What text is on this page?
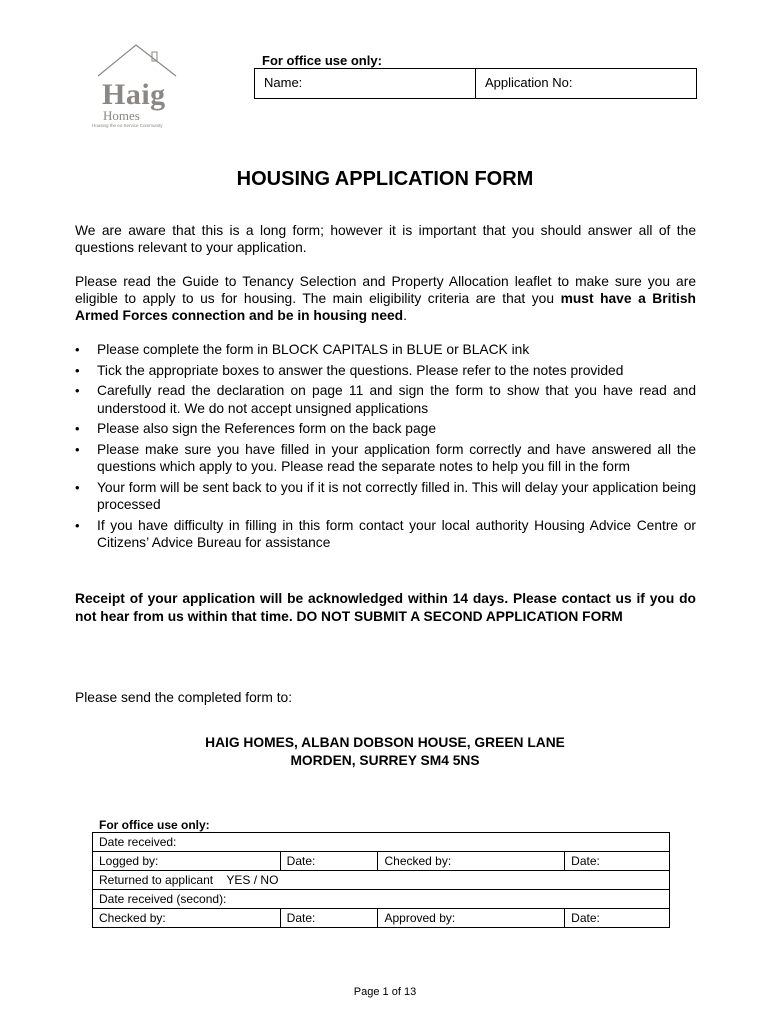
Haig
Homes
Housing the ex-Service Community
For office use only:
Name:	Application No:
HOUSING APPLICATION FORM
We are aware that this is a long form; however it is important that you should answer all of the questions relevant to your application.
Please read the Guide to Tenancy Selection and Property Allocation leaflet to make sure you are eligible to apply to us for housing. The main eligibility criteria are that you must have a British Armed Forces connection and be in housing need.
• Please complete the form in BLOCK CAPITALS in BLUE or BLACK ink
• Tick the appropriate boxes to answer the questions. Please refer to the notes provided
• Carefully read the declaration on page 11 and sign the form to show that you have read and understood it. We do not accept unsigned applications
• Please also sign the References form on the back page
• Please make sure you have filled in your application form correctly and have answered all the questions which apply to you. Please read the separate notes to help you fill in the form
• Your form will be sent back to you if it is not correctly filled in. This will delay your application being processed
• If you have difficulty in filling in this form contact your local authority Housing Advice Centre or Citizens’ Advice Bureau for assistance
Receipt of your application will be acknowledged within 14 days. Please contact us if you do not hear from us within that time. DO NOT SUBMIT A SECOND APPLICATION FORM
Please send the completed form to:
HAIG HOMES, ALBAN DOBSON HOUSE, GREEN LANE
MORDEN, SURREY SM4 5NS
For office use only:
Date received:			
Logged by:	Date:	Checked by:	Date:
Returned to applicant YES / NO			
Date received (second):			
Checked by:	Date:	Approved by:	Date:
Page 1 of 13
